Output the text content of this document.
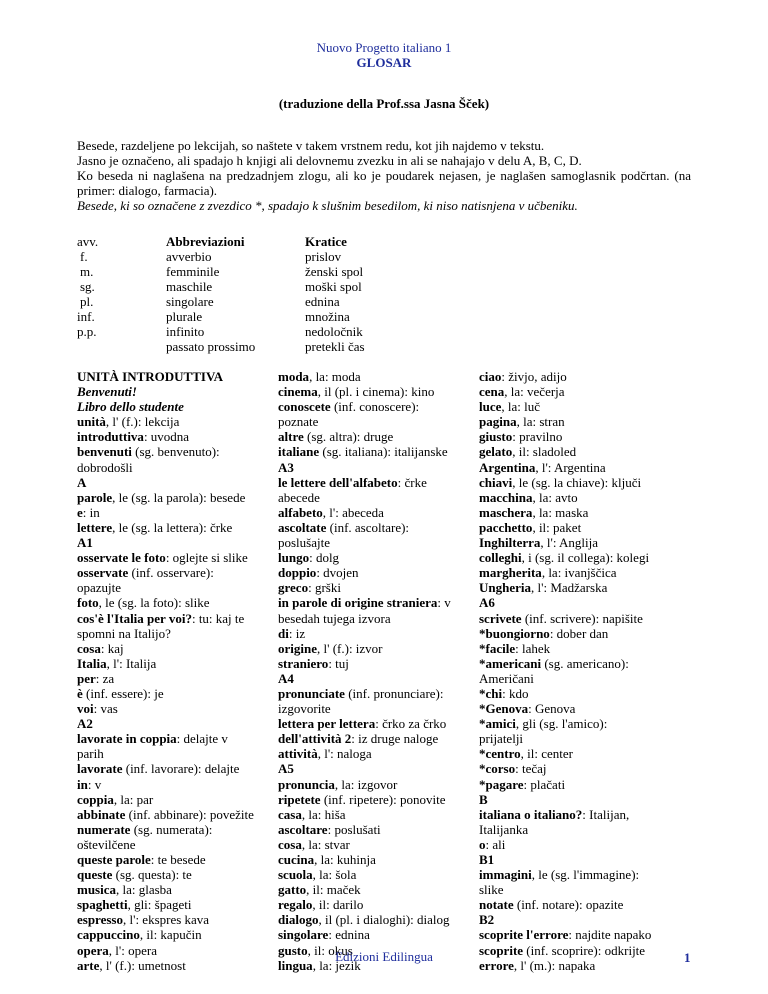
Nuovo Progetto italiano 1
GLOSAR
(traduzione della Prof.ssa Jasna Šček)

Besede, razdeljene po lekcijah, so naštete v takem vrstnem redu, kot jih najdemo v tekstu.

Jasno je označeno, ali spadajo h knjigi ali delovnemu zvezku in ali se nahajajo v delu A, B, C, D.

Ko beseda ni naglašena na predzadnjem zlogu, ali ko je poudarek nejasen, je naglašen samoglasnik podčrtan. (na primer: dialogo, farmacia).

Besede, ki so označene z zvezdico *, spadajo k slušnim besedilom, ki niso natisnjena v učbeniku.

avv.
f.
m.
sg.
pl.
inf.
p.p.
Abbreviazioni
avverbio
femminile
maschile
singolare
plurale
infinito
passato prossimo
Kratice
prislov
ženski spol
moški spol
ednina
množina
nedoločnik
pretekli čas
UNITÀ INTRODUTTIVA
Benvenuti!
Libro dello studente
unità, l' (f.): lekcija
introduttiva: uvodna
benvenuti (sg. benvenuto):
dobrodošli
A
parole, le (sg. la parola): besede
e: in
lettere, le (sg. la lettera): črke
A1
osservate le foto: oglejte si slike
osservate (inf. osservare):
opazujte
foto, le (sg. la foto): slike
cos'è l'Italia per voi?: tu: kaj te
spomni na Italijo?
cosa: kaj
Italia, l': Italija
per: za
è (inf. essere): je
voi: vas
A2
lavorate in coppia: delajte v
parih
lavorate (inf. lavorare): delajte
in: v
coppia, la: par
abbinate (inf. abbinare): povežite
numerate (sg. numerata):
oštevilčene
queste parole: te besede
queste (sg. questa): te
musica, la: glasba
spaghetti, gli: špageti
espresso, l': ekspres kava
cappuccino, il: kapučin
opera, l': opera
arte, l' (f.): umetnost
moda, la: moda
cinema, il (pl. i cinema): kino
conoscete (inf. conoscere):
poznate
altre (sg. altra): druge
italiane (sg. italiana): italijanske
A3
le lettere dell'alfabeto: črke
abecede
alfabeto, l': abeceda
ascoltate (inf. ascoltare):
poslušajte
lungo: dolg
doppio: dvojen
greco: grški
in parole di origine straniera: v
besedah tujega izvora
di: iz
origine, l' (f.): izvor
straniero: tuj
A4
pronunciate (inf. pronunciare):
izgovorite
lettera per lettera: črko za črko
dell'attività 2: iz druge naloge
attività, l': naloga
A5
pronuncia, la: izgovor
ripetete (inf. ripetere): ponovite
casa, la: hiša
ascoltare: poslušati
cosa, la: stvar
cucina, la: kuhinja
scuola, la: šola
gatto, il: maček
regalo, il: darilo
dialogo, il (pl. i dialoghi): dialog
singolare: ednina
gusto, il: okus
lingua, la: jezik
ciao: živjo, adijo
cena, la: večerja
luce, la: luč
pagina, la: stran
giusto: pravilno
gelato, il: sladoled
Argentina, l': Argentina
chiavi, le (sg. la chiave): ključi
macchina, la: avto
maschera, la: maska
pacchetto, il: paket
Inghilterra, l': Anglija
colleghi, i (sg. il collega): kolegi
margherita, la: ivanjščica
Ungheria, l': Madžarska
A6
scrivete (inf. scrivere): napišite
*buongiorno: dober dan
*facile: lahek
*americani (sg. americano):
Američani
*chi: kdo
*Genova: Genova
*amici, gli (sg. l'amico):
prijatelji
*centro, il: center
*corso: tečaj
*pagare: plačati
B
italiana o italiano?: Italijan,
Italijanka
o: ali
B1
immagini, le (sg. l'immagine):
slike
notate (inf. notare): opazite
B2
scoprite l'errore: najdite napako
scoprite (inf. scoprire): odkrijte
errore, l' (m.): napaka
Edizioni Edilingua	1
